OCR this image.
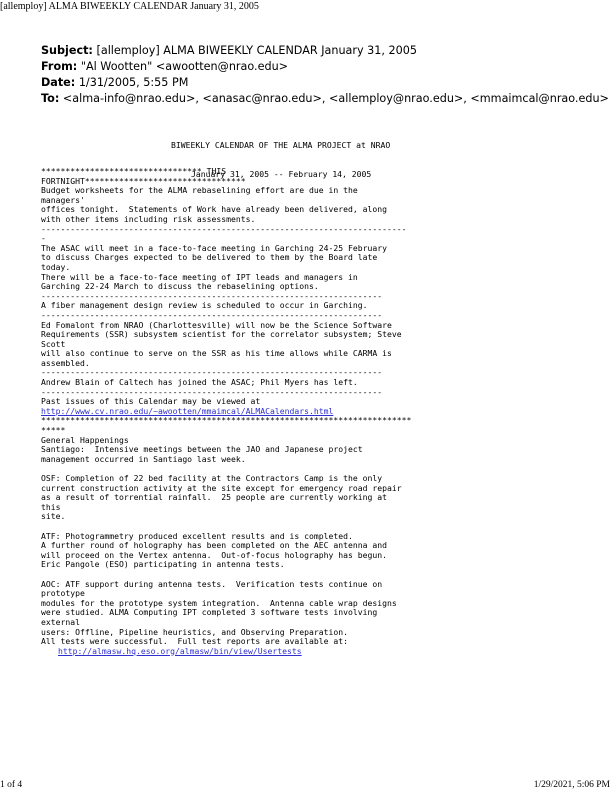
[allemploy] ALMA BIWEEKLY CALENDAR January 31, 2005
Subject: [allemploy] ALMA BIWEEKLY CALENDAR January 31, 2005
From: "Al Wootten" <awootten@nrao.edu>
Date: 1/31/2005, 5:55 PM
To: <alma-info@nrao.edu>, <anasac@nrao.edu>, <allemploy@nrao.edu>, <mmaimcal@nrao.edu>

BIWEEKLY CALENDAR OF THE ALMA PROJECT at NRAO

January 31, 2005 -- February 14, 2005

********************************* THIS
FORTNIGHT*********************************
Budget worksheets for the ALMA rebaselining effort are due in the
managers'
offices tonight.  Statements of Work have already been delivered, along
with other items including risk assessments.
---------------------------------------------------------------------------
-
The ASAC will meet in a face-to-face meeting in Garching 24-25 February
to discuss Charges expected to be delivered to them by the Board late
today.
There will be a face-to-face meeting of IPT leads and managers in
Garching 22-24 March to discuss the rebaselining options.
----------------------------------------------------------------------
A fiber management design review is scheduled to occur in Garching.
----------------------------------------------------------------------
Ed Fomalont from NRAO (Charlottesville) will now be the Science Software
Requirements (SSR) subsystem scientist for the correlator subsystem; Steve
Scott
will also continue to serve on the SSR as his time allows while CARMA is
assembled.
----------------------------------------------------------------------
Andrew Blain of Caltech has joined the ASAC; Phil Myers has left.
----------------------------------------------------------------------
Past issues of this Calendar may be viewed at
http://www.cv.nrao.edu/~awootten/mmaimcal/ALMACalendars.html
****************************************************************************
*****
General Happenings
Santiago:  Intensive meetings between the JAO and Japanese project
management occurred in Santiago last week.
OSF: Completion of 22 bed facility at the Contractors Camp is the only
current construction activity at the site except for emergency road repair
as a result of torrential rainfall.  25 people are currently working at
this
site.
ATF: Photogrammetry produced excellent results and is completed.
A further round of holography has been completed on the AEC antenna and
will proceed on the Vertex antenna.  Out-of-focus holography has begun.
Eric Pangole (ESO) participating in antenna tests.
AOC: ATF support during antenna tests.  Verification tests continue on
prototype
modules for the prototype system integration.  Antenna cable wrap designs
were studied. ALMA Computing IPT completed 3 software tests involving
external
users: Offline, Pipeline heuristics, and Observing Preparation.
All tests were successful.  Full test reports are available at:
http://almasw.hq.eso.org/almasw/bin/view/Usertests
1 of 4	1/29/2021, 5:06 PM
